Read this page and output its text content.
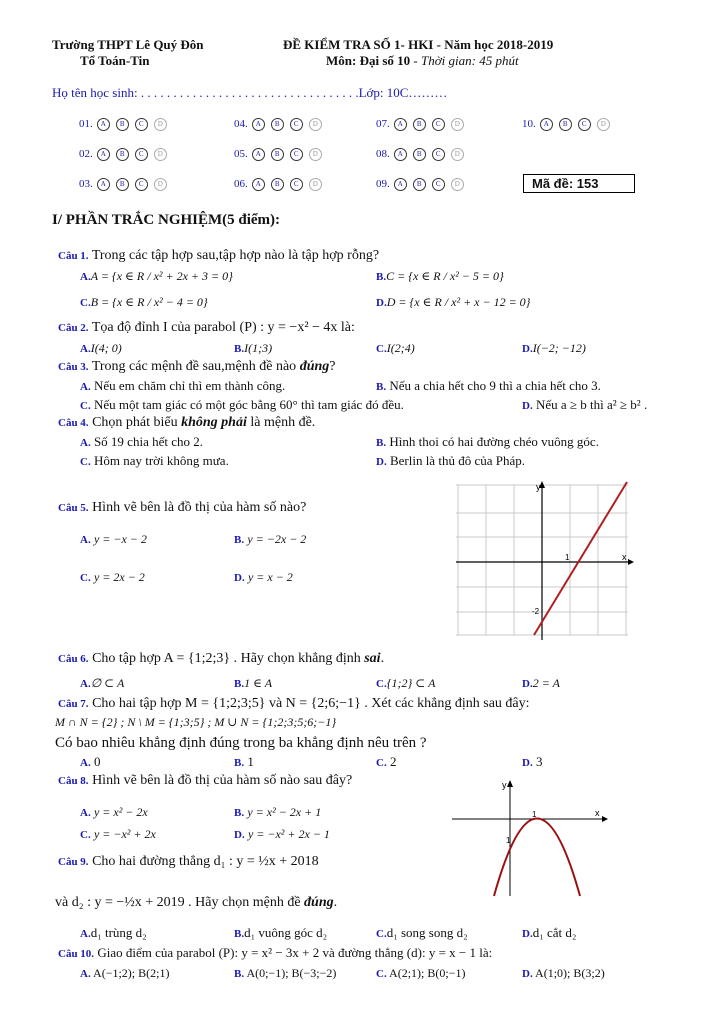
Trường THPT Lê Quý Đôn
Tổ Toán-Tin
ĐỀ KIỂM TRA SỐ 1- HKI - Năm học 2018-2019
Môn: Đại số 10 - Thời gian: 45 phút
Họ tên học sinh: . . . . . . . . . . . . . . . . . . . . . . . . . . . . . . . . . .Lớp: 10C………
01. A B C D	04. A B C D	07. A B C D	10. A B C D
02. A B C D	05. A B C D	08. A B C D
03. A B C D	06. A B C D	09. A B C D	Mã đề: 153
I/ PHẦN TRẮC NGHIỆM(5 điểm):
Câu 1. Trong các tập hợp sau,tập hợp nào là tập hợp rỗng?
A.A = {x ∈ R / x² + 2x + 3 = 0}	B.C = {x ∈ R / x² − 5 = 0}
C.B = {x ∈ R / x² − 4 = 0}	D.D = {x ∈ R / x² + x − 12 = 0}
Câu 2. Tọa độ đỉnh I của parabol (P) : y = −x² − 4x là:
A.I(4; 0)	B.I(1;3)	C.I(2;4)	D.I(−2; −12)
Câu 3. Trong các mệnh đề sau,mệnh đề nào đúng?
A. Nếu em chăm chỉ thì em thành công.	B. Nếu a chia hết cho 9 thì a chia hết cho 3.
C. Nếu một tam giác có một góc bằng 60° thì tam giác đó đều.	D. Nếu a ≥ b thì a² ≥ b² .
Câu 4. Chọn phát biểu không phải là mệnh đề.
A. Số 19 chia hết cho 2.	B. Hình thoi có hai đường chéo vuông góc.
C. Hôm nay trời không mưa.	D. Berlin là thủ đô của Pháp.
Câu 5. Hình vẽ bên là đồ thị của hàm số nào?
A. y = −x − 2	B. y = −2x − 2
C. y = 2x − 2	D. y = x − 2
y
x
1
-2
Câu 6. Cho tập hợp A = {1;2;3} . Hãy chọn khẳng định sai.
A.∅ ⊂ A	B.1 ∈ A	C.{1;2} ⊂ A	D.2 = A
Câu 7. Cho hai tập hợp M = {1;2;3;5} và N = {2;6;−1} . Xét các khẳng định sau đây:
M ∩ N = {2} ; N \ M = {1;3;5} ; M ∪ N = {1;2;3;5;6;−1}
Có bao nhiêu khẳng định đúng trong ba khẳng định nêu trên ?
A. 0	B. 1	C. 2	D. 3
Câu 8. Hình vẽ bên là đồ thị của hàm số nào sau đây?
A. y = x² − 2x	B. y = x² − 2x + 1
C. y = −x² + 2x	D. y = −x² + 2x − 1
y
x
1
1
Câu 9. Cho hai đường thẳng d₁ : y = ½x + 2018
và d₂ : y = −½x + 2019 . Hãy chọn mệnh đề đúng.
A.d₁ trùng d₂	B.d₁ vuông góc d₂	C.d₁ song song d₂	D.d₁ cắt d₂
Câu 10. Giao điểm của parabol (P): y = x² − 3x + 2 và đường thẳng (d): y = x − 1 là:
A. A(−1;2); B(2;1)	B. A(0;−1); B(−3;−2)	C. A(2;1); B(0;−1)	D. A(1;0); B(3;2)
